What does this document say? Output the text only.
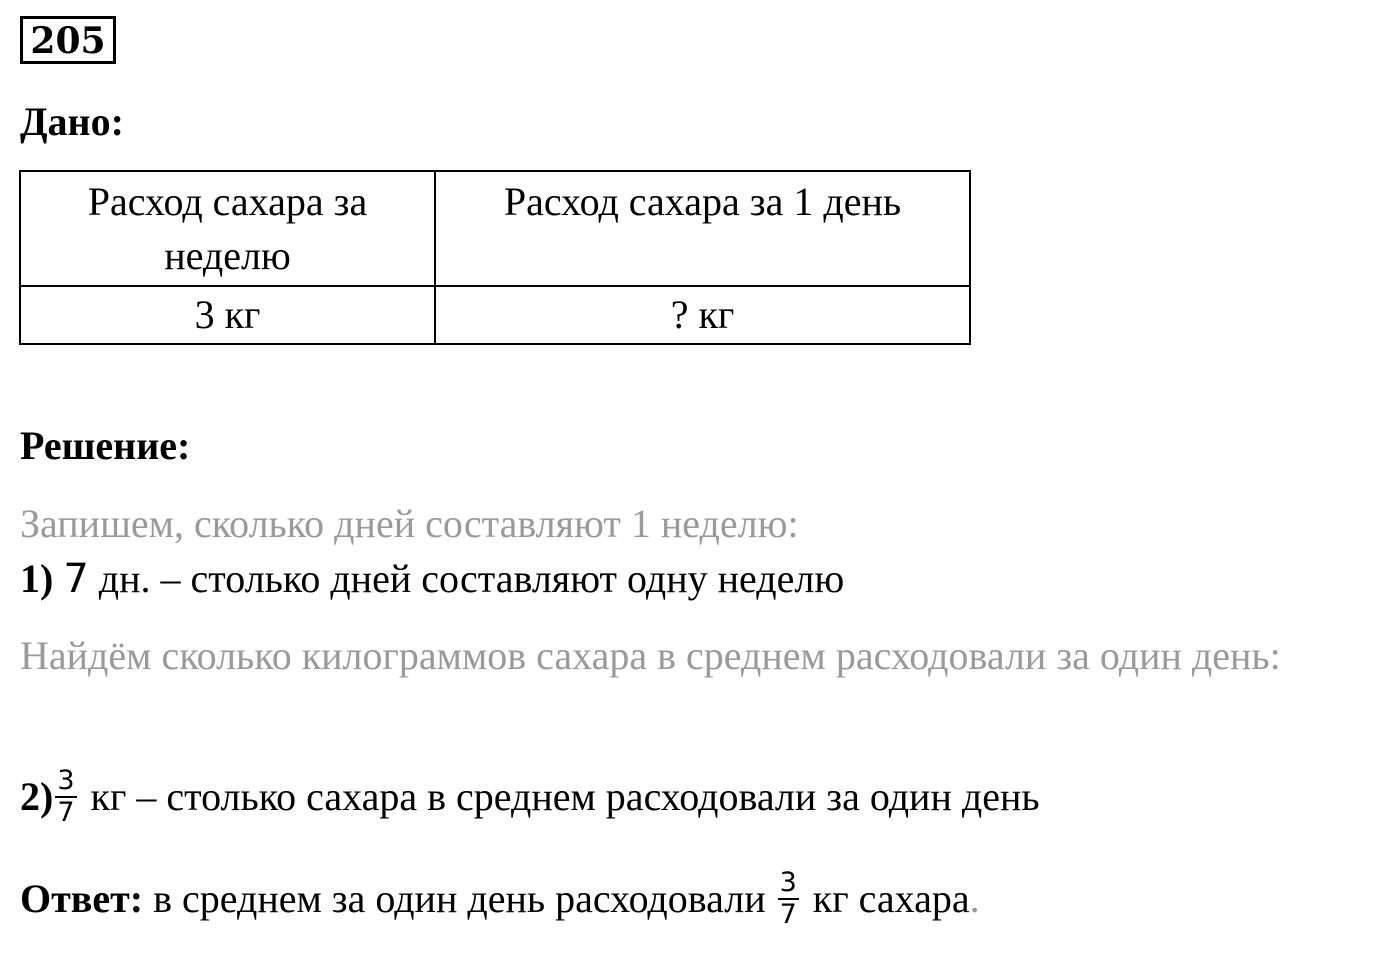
205
Дано:
Расход сахара за неделю	Расход сахара за 1 день
3 кг	? кг
Решение:
Запишем, сколько дней составляют 1 неделю:
1) 7 дн. – столько дней составляют одну неделю
Найдём сколько килограммов сахара в среднем расходовали за один день:
$2) \frac{3}{7}$ кг – столько сахара в среднем расходовали за один день
Ответ: в среднем за один день расходовали $\frac{3}{7}$ кг сахара.
